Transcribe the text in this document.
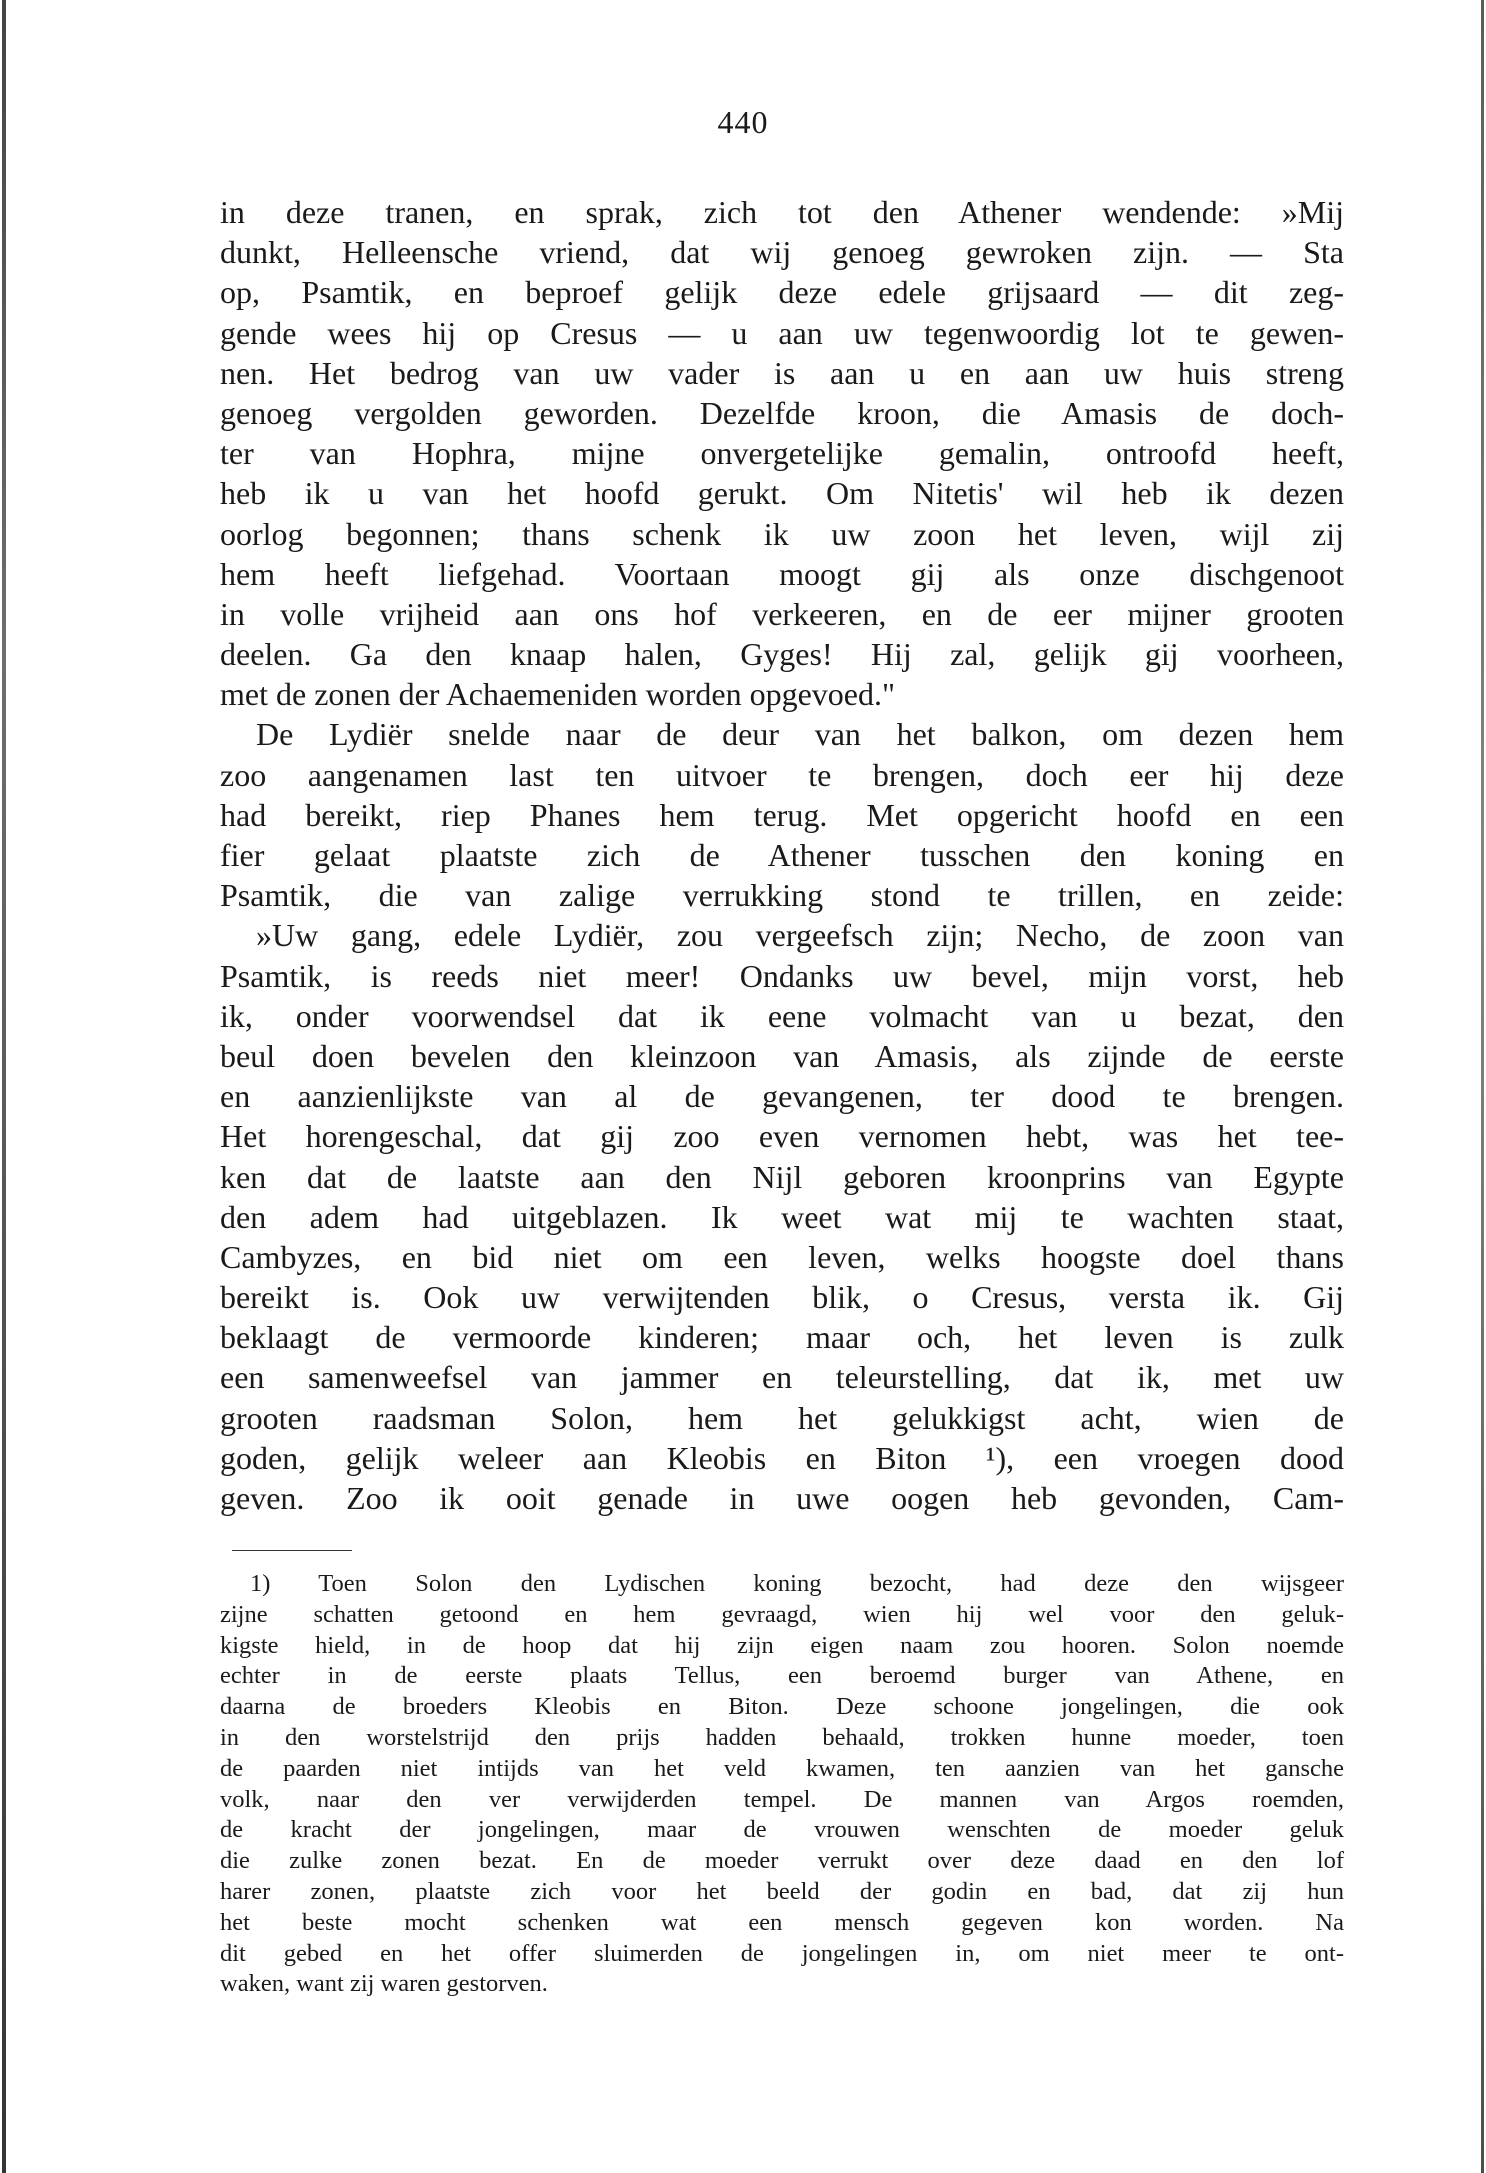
440
in deze tranen, en sprak, zich tot den Athener wendende: »Mij
dunkt, Helleensche vriend, dat wij genoeg gewroken zijn. — Sta
op, Psamtik, en beproef gelijk deze edele grijsaard — dit zeg-
gende wees hij op Cresus — u aan uw tegenwoordig lot te gewen-
nen. Het bedrog van uw vader is aan u en aan uw huis streng
genoeg vergolden geworden. Dezelfde kroon, die Amasis de doch-
ter van Hophra, mijne onvergetelijke gemalin, ontroofd heeft,
heb ik u van het hoofd gerukt. Om Nitetis' wil heb ik dezen
oorlog begonnen; thans schenk ik uw zoon het leven, wijl zij
hem heeft liefgehad. Voortaan moogt gij als onze dischgenoot
in volle vrijheid aan ons hof verkeeren, en de eer mijner grooten
deelen. Ga den knaap halen, Gyges! Hij zal, gelijk gij voorheen,
met de zonen der Achaemeniden worden opgevoed."
De Lydiër snelde naar de deur van het balkon, om dezen hem
zoo aangenamen last ten uitvoer te brengen, doch eer hij deze
had bereikt, riep Phanes hem terug. Met opgericht hoofd en een
fier gelaat plaatste zich de Athener tusschen den koning en
Psamtik, die van zalige verrukking stond te trillen, en zeide:
»Uw gang, edele Lydiër, zou vergeefsch zijn; Necho, de zoon van
Psamtik, is reeds niet meer! Ondanks uw bevel, mijn vorst, heb
ik, onder voorwendsel dat ik eene volmacht van u bezat, den
beul doen bevelen den kleinzoon van Amasis, als zijnde de eerste
en aanzienlijkste van al de gevangenen, ter dood te brengen.
Het horengeschal, dat gij zoo even vernomen hebt, was het tee-
ken dat de laatste aan den Nijl geboren kroonprins van Egypte
den adem had uitgeblazen. Ik weet wat mij te wachten staat,
Cambyzes, en bid niet om een leven, welks hoogste doel thans
bereikt is. Ook uw verwijtenden blik, o Cresus, versta ik. Gij
beklaagt de vermoorde kinderen; maar och, het leven is zulk
een samenweefsel van jammer en teleurstelling, dat ik, met uw
grooten raadsman Solon, hem het gelukkigst acht, wien de
goden, gelijk weleer aan Kleobis en Biton ¹), een vroegen dood
geven. Zoo ik ooit genade in uwe oogen heb gevonden, Cam-
1) Toen Solon den Lydischen koning bezocht, had deze den wijsgeer
zijne schatten getoond en hem gevraagd, wien hij wel voor den geluk-
kigste hield, in de hoop dat hij zijn eigen naam zou hooren. Solon noemde
echter in de eerste plaats Tellus, een beroemd burger van Athene, en
daarna de broeders Kleobis en Biton. Deze schoone jongelingen, die ook
in den worstelstrijd den prijs hadden behaald, trokken hunne moeder, toen
de paarden niet intijds van het veld kwamen, ten aanzien van het gansche
volk, naar den ver verwijderden tempel. De mannen van Argos roemden,
de kracht der jongelingen, maar de vrouwen wenschten de moeder geluk
die zulke zonen bezat. En de moeder verrukt over deze daad en den lof
harer zonen, plaatste zich voor het beeld der godin en bad, dat zij hun
het beste mocht schenken wat een mensch gegeven kon worden. Na
dit gebed en het offer sluimerden de jongelingen in, om niet meer te ont-
waken, want zij waren gestorven.
